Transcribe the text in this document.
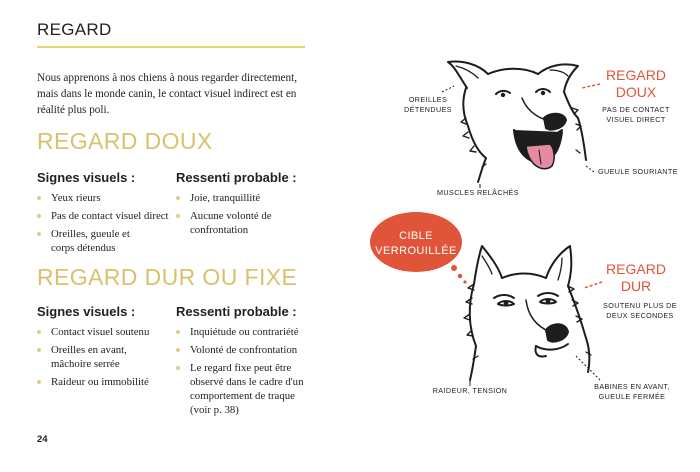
REGARD
Nous apprenons à nos chiens à nous regarder directement, mais dans le monde canin, le contact visuel indirect est en réalité plus poli.
REGARD DOUX
Signes visuels :	Ressenti probable :
Yeux rieurs
Pas de contact visuel direct
Oreilles, gueule et corps détendus
Joie, tranquillité
Aucune volonté de confrontation
REGARD DUR OU FIXE
Signes visuels :	Ressenti probable :
Contact visuel soutenu
Oreilles en avant, mâchoire serrée
Raideur ou immobilité
Inquiétude ou contrariété
Volonté de confrontation
Le regard fixe peut être observé dans le cadre d'un comportement de traque (voir p. 38)
24
REGARD
DOUX
PAS DE CONTACT
VISUEL DIRECT
OREILLES
DÉTENDUES
GUEULE SOURIANTE
MUSCLES RELÂCHÉS
CIBLE
VERROUILLÉE
REGARD
DUR
SOUTENU PLUS DE
DEUX SECONDES
RAIDEUR, TENSION	BABINES EN AVANT,
GUEULE FERMÉE
